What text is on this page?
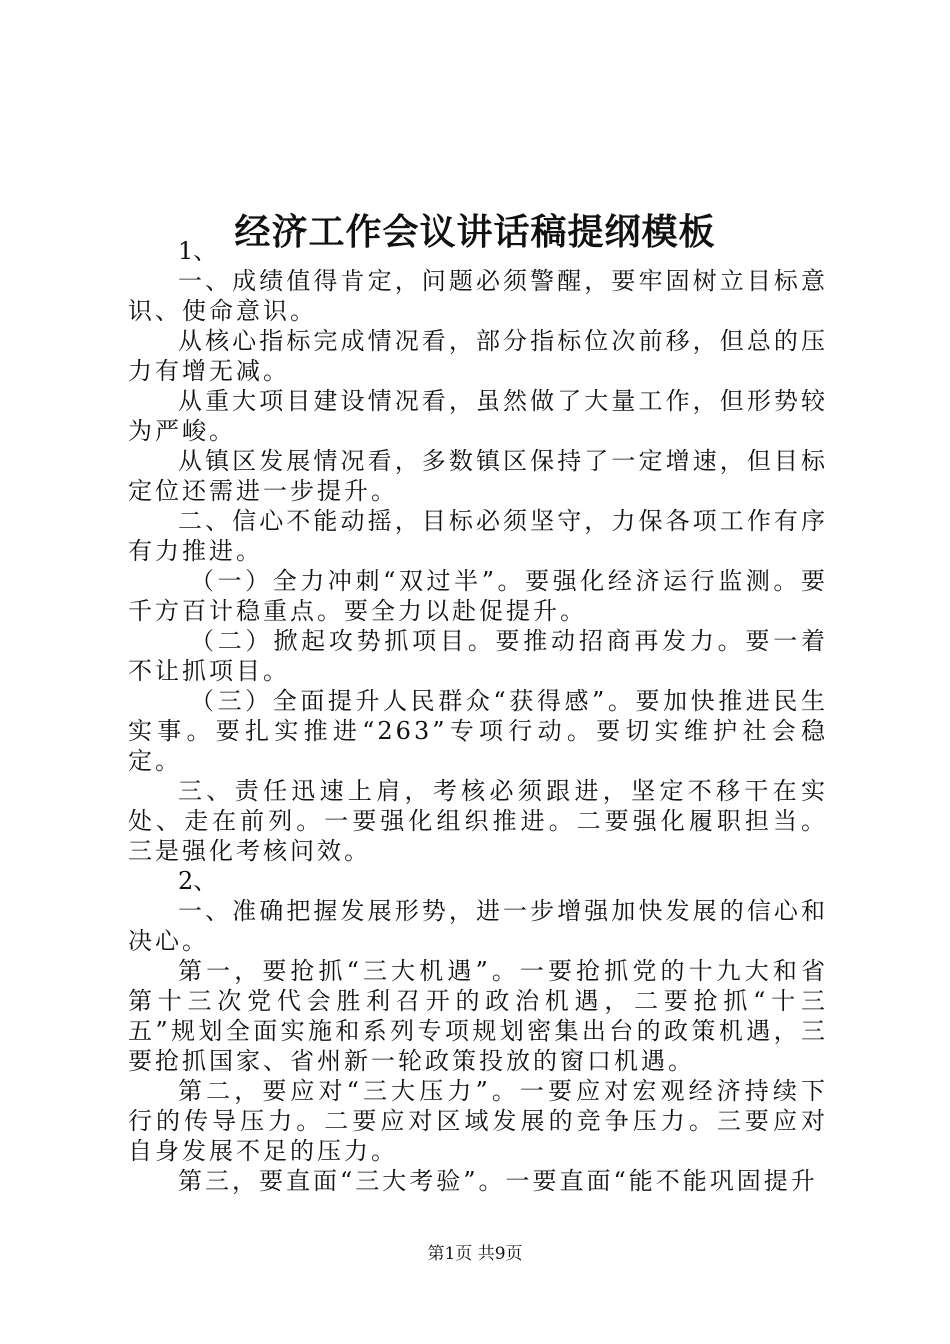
经济工作会议讲话稿提纲模板

1、

一、成绩值得肯定，问题必须警醒，要牢固树立目标意识、使命意识。

从核心指标完成情况看，部分指标位次前移，但总的压力有增无减。

从重大项目建设情况看，虽然做了大量工作，但形势较为严峻。

从镇区发展情况看，多数镇区保持了一定增速，但目标定位还需进一步提升。

二、信心不能动摇，目标必须坚守，力保各项工作有序有力推进。

（一）全力冲刺“双过半”。要强化经济运行监测。要千方百计稳重点。要全力以赴促提升。

（二）掀起攻势抓项目。要推动招商再发力。要一着不让抓项目。

（三）全面提升人民群众“获得感”。要加快推进民生实事。要扎实推进“263”专项行动。要切实维护社会稳定。

三、责任迅速上肩，考核必须跟进，坚定不移干在实处、走在前列。一要强化组织推进。二要强化履职担当。三是强化考核问效。

2、

一、准确把握发展形势，进一步增强加快发展的信心和决心。

第一，要抢抓“三大机遇”。一要抢抓党的十九大和省第十三次党代会胜利召开的政治机遇，二要抢抓“十三五”规划全面实施和系列专项规划密集出台的政策机遇，三要抢抓国家、省州新一轮政策投放的窗口机遇。

第二，要应对“三大压力”。一要应对宏观经济持续下行的传导压力。二要应对区域发展的竞争压力。三要应对自身发展不足的压力。

第三，要直面“三大考验”。一要直面“能不能巩固提升

第1页 共9页
